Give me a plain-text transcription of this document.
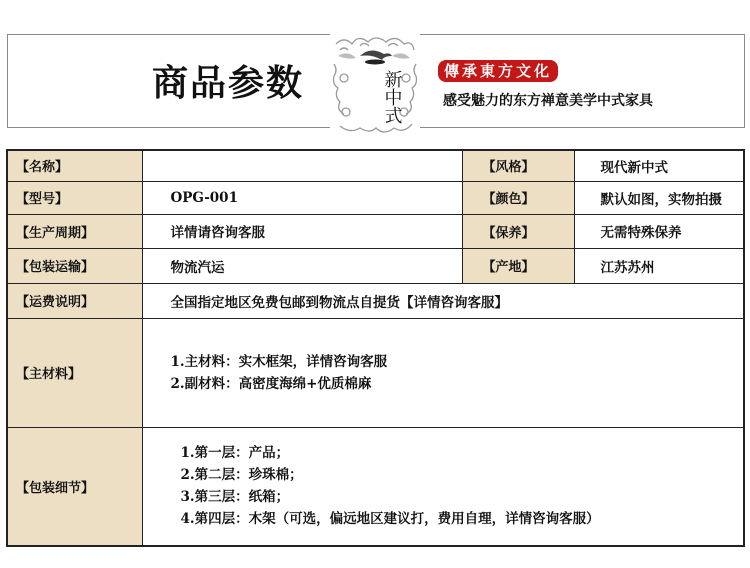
商品参数	新中式	傳承東方文化
感受魅力的东方禅意美学中式家具
【名称】		【风格】	现代新中式
【型号】	OPG-001	【颜色】	默认如图，实物拍摄
【生产周期】	详情请咨询客服	【保养】	无需特殊保养
【包装运输】	物流汽运	【产地】	江苏苏州
【运费说明】	全国指定地区免费包邮到物流点自提货【详情咨询客服】		
【主材料】	1.主材料：实木框架，详情咨询客服
2.副材料：高密度海绵+优质棉麻		

【包装细节】	1.第一层：产品；
2.第二层：珍珠棉；
3.第三层：纸箱；
4.第四层：木架（可选，偏远地区建议打，费用自理，详情咨询客服）		
